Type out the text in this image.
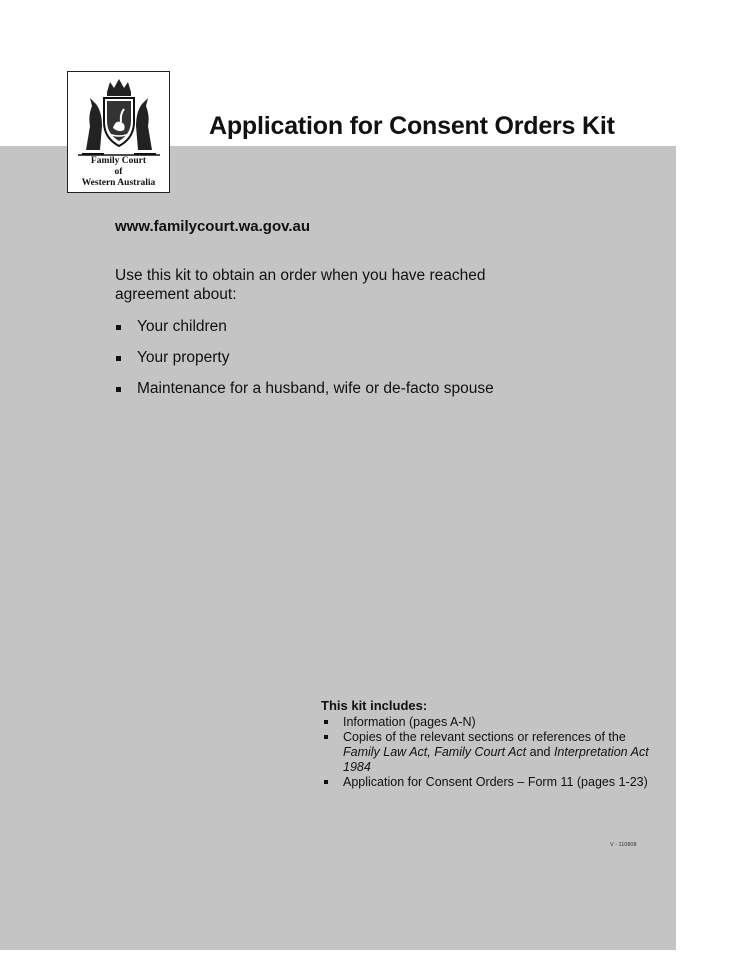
Family Court
of
Western Australia
Application for Consent Orders Kit
www.familycourt.wa.gov.au
Use this kit to obtain an order when you have reached agreement about:
Your children
Your property
Maintenance for a husband, wife or de-facto spouse
This kit includes:
Information (pages A-N)
Copies of the relevant sections or references of the Family Law Act, Family Court Act and Interpretation Act 1984
Application for Consent Orders – Form 11 (pages 1-23)
V - 110808
